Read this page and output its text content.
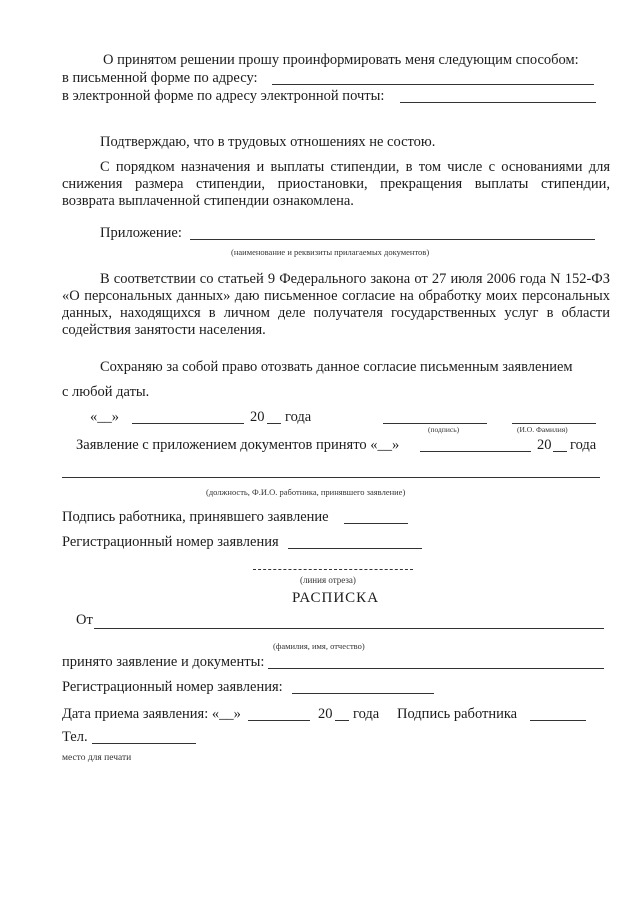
О принятом решении прошу проинформировать меня следующим способом:
в письменной форме по адресу:
в электронной форме по адресу электронной почты:
Подтверждаю, что в трудовых отношениях не состою.
С порядком назначения и выплаты стипендии, в том числе с основаниями для снижения размера стипендии, приостановки, прекращения выплаты стипендии, возврата выплаченной стипендии ознакомлена.
Приложение:
(наименование и реквизиты прилагаемых документов)
В соответствии со статьей 9 Федерального закона от 27 июля 2006 года N 152-ФЗ «О персональных данных» даю письменное согласие на обработку моих персональных данных, находящихся в личном деле получателя государственных услуг в области содействия занятости населения.
Сохраняю за собой право отозвать данное согласие письменным заявлением
с любой даты.
«__»	20 года
(подпись)	(И.О. Фамилия)
Заявление с приложением документов принято «__»	20 года
(должность, Ф.И.О. работника, принявшего заявление)
Подпись работника, принявшего заявление
Регистрационный номер заявления
(линия отреза)
РАСПИСКА
От
(фамилия, имя, отчество)
принято заявление и документы:
Регистрационный номер заявления:
Дата приема заявления: «__»	20 года Подпись работника
Тел.
место для печати
